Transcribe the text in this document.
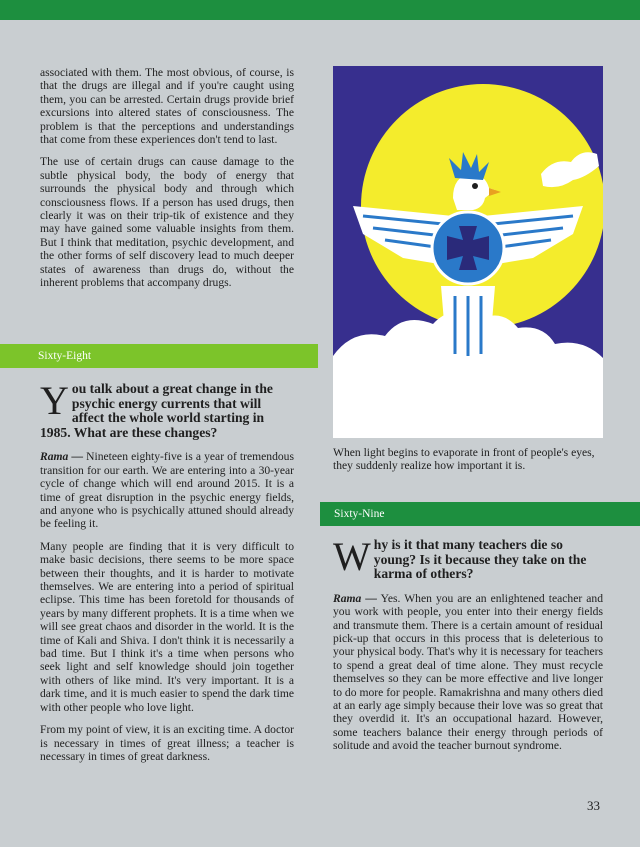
associated with them. The most obvious, of course, is that the drugs are illegal and if you're caught using them, you can be arrested. Certain drugs provide brief excursions into altered states of consciousness. The problem is that the perceptions and understandings that come from these experiences don't tend to last.

The use of certain drugs can cause damage to the subtle physical body, the body of energy that surrounds the physical body and through which consciousness flows. If a person has used drugs, then clearly it was on their trip-tik of existence and they may have gained some valuable insights from them. But I think that meditation, psychic development, and the other forms of self discovery lead to much deeper states of awareness than drugs do, without the inherent problems that accompany drugs.

Sixty-Eight
You talk about a great change in the psychic energy currents that will affect the whole world starting in 1985. What are these changes?

Rama — Nineteen eighty-five is a year of tremendous transition for our earth. We are entering into a 30-year cycle of change which will end around 2015. It is a time of great disruption in the psychic energy fields, and anyone who is psychically attuned should already be feeling it.

Many people are finding that it is very difficult to make basic decisions, there seems to be more space between their thoughts, and it is harder to motivate themselves. We are entering into a period of spiritual eclipse. This time has been foretold for thousands of years by many different prophets. It is a time when we will see great chaos and disorder in the world. It is the time of Kali and Shiva. I don't think it is necessarily a bad time. But I think it's a time when persons who seek light and self knowledge should join together with others of like mind. It's very important. It is a dark time, and it is much easier to spend the dark time with other people who love light.

From my point of view, it is an exciting time. A doctor is necessary in times of great illness; a teacher is necessary in times of great darkness.

When light begins to evaporate in front of people's eyes, they suddenly realize how important it is.

Sixty-Nine
Why is it that many teachers die so young? Is it because they take on the karma of others?

Rama — Yes. When you are an enlightened teacher and you work with people, you enter into their energy fields and transmute them. There is a certain amount of residual pick-up that occurs in this process that is deleterious to your physical body. That's why it is necessary for teachers to spend a great deal of time alone. They must recycle themselves so they can be more effective and live longer to do more for people. Ramakrishna and many others died at an early age simply because their love was so great that they overdid it. It's an occupational hazard. However, some teachers balance their energy through periods of solitude and avoid the teacher burnout syndrome.

33
